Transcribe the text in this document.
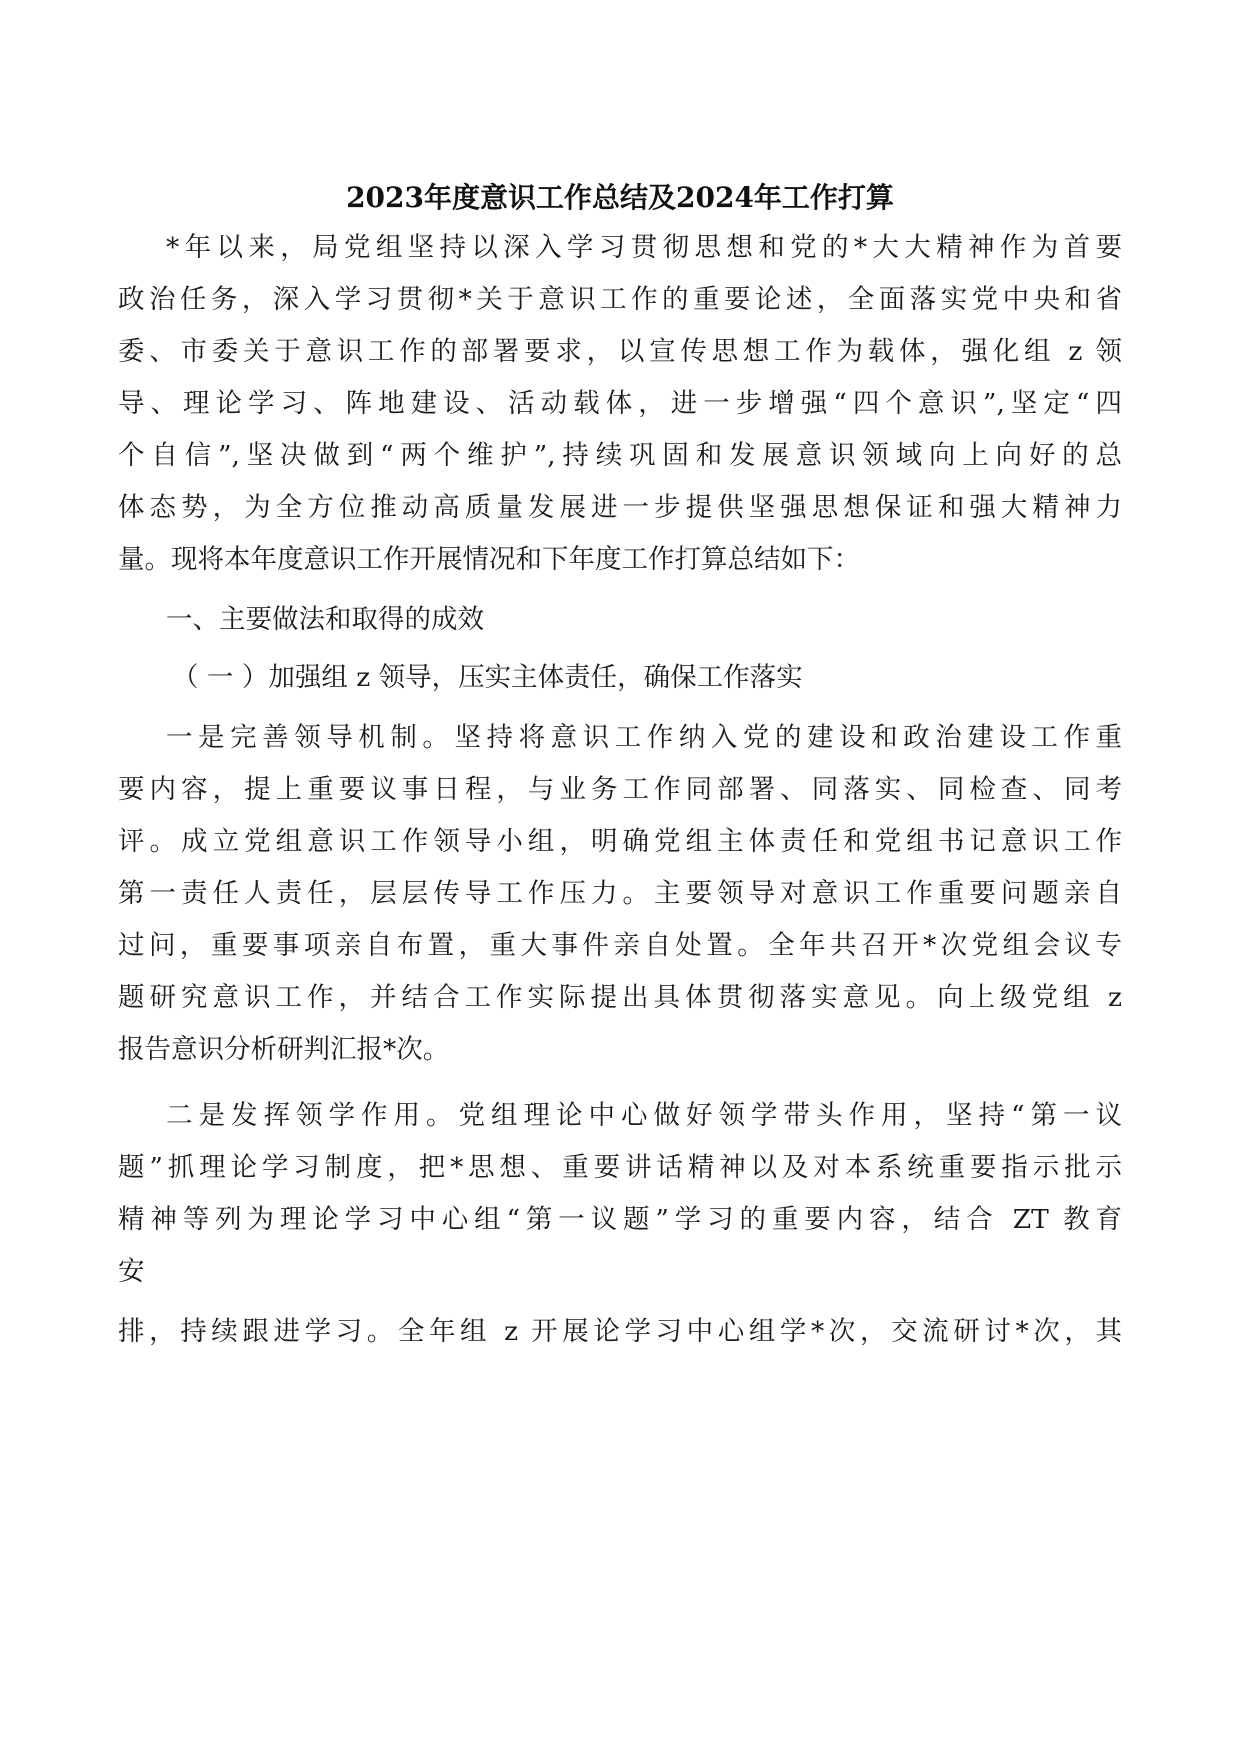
2023年度意识工作总结及2024年工作打算
*年以来，局党组坚持以深入学习贯彻思想和党的*大大精神作为首要
政治任务，深入学习贯彻*关于意识工作的重要论述，全面落实党中央和省
委、市委关于意识工作的部署要求，以宣传思想工作为载体，强化组 z 领
导、理论学习、阵地建设、活动载体，进一步增强“四个意识”,坚定“四
个自信”,坚决做到“两个维护”,持续巩固和发展意识领域向上向好的总
体态势，为全方位推动高质量发展进一步提供坚强思想保证和强大精神力
量。现将本年度意识工作开展情况和下年度工作打算总结如下：
一、主要做法和取得的成效
（ 一 ）加强组 z 领导，压实主体责任，确保工作落实
一是完善领导机制。坚持将意识工作纳入党的建设和政治建设工作重
要内容，提上重要议事日程，与业务工作同部署、同落实、同检查、同考
评。成立党组意识工作领导小组，明确党组主体责任和党组书记意识工作
第一责任人责任，层层传导工作压力。主要领导对意识工作重要问题亲自
过问，重要事项亲自布置，重大事件亲自处置。全年共召开*次党组会议专
题研究意识工作，并结合工作实际提出具体贯彻落实意见。向上级党组 z
报告意识分析研判汇报*次。
二是发挥领学作用。党组理论中心做好领学带头作用，坚持“第一议
题”抓理论学习制度，把*思想、重要讲话精神以及对本系统重要指示批示
精神等列为理论学习中心组“第一议题”学习的重要内容，结合 ZT 教育
安
排，持续跟进学习。全年组 z 开展论学习中心组学*次，交流研讨*次，其
